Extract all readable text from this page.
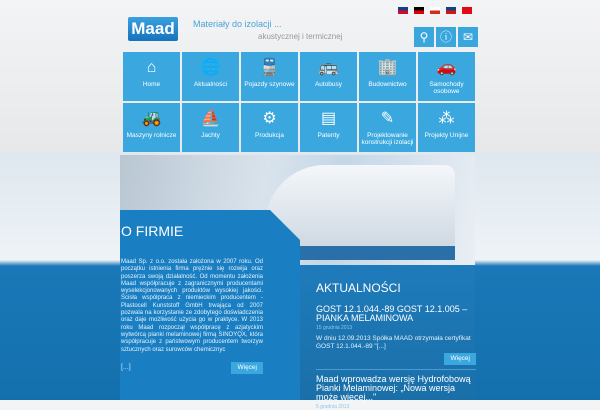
Maad	Materiały do izolacji ...
akustycznej i termicznej	⚲ ⓘ ✉
⌂
Home
🌐
Aktualności
🚆
Pojazdy szynowe
🚌
Autobusy
🏢
Budownictwo
🚗
Samochody osobowe
🚜
Maszyny rolnicze
⛵
Jachty
⚙
Produkcja
▤
Patenty
✎
Projektowanie konstrukcji izolacji
⁂
Projekty Unijne
O FIRMIE
Maad Sp. z o.o. została założona w 2007 roku. Od początku istnienia firma prężnie się rozwija oraz poszerza swoją działalność. Od momentu założenia Maad współpracuje z zagranicznymi producentami wyselekcjonowanych produktów wysokiej jakości. Ścisła współpraca z niemieckim producentem - Plastocell Kunststoff GmbH trwająca od 2007 pozwala na korzystanie ze zdobytego doświadczenia oraz daje możliwość użycia go w praktyce. W 2013 roku Maad rozpoczął współpracę z azjatyckim wytwórcą pianki melaminowej firmą SINOYQX, która współpracuje z państwowym producentem tworzyw sztucznych oraz surowców chemicznyc
[...]	Więcej
AKTUALNOŚCI
GOST 12.1.044.-89 GOST 12.1.005 – PIANKA MELAMINOWA
15 grudnia 2013
W dniu 12.09.2013 Spółka MAAD otrzymała certyfikat GOST 12.1.044.-89 "[...]
Więcej
Maad wprowadza wersję Hydrofobową Pianki Melaminowej: „Nowa wersja może więcej..."
5 grudnia 2013
